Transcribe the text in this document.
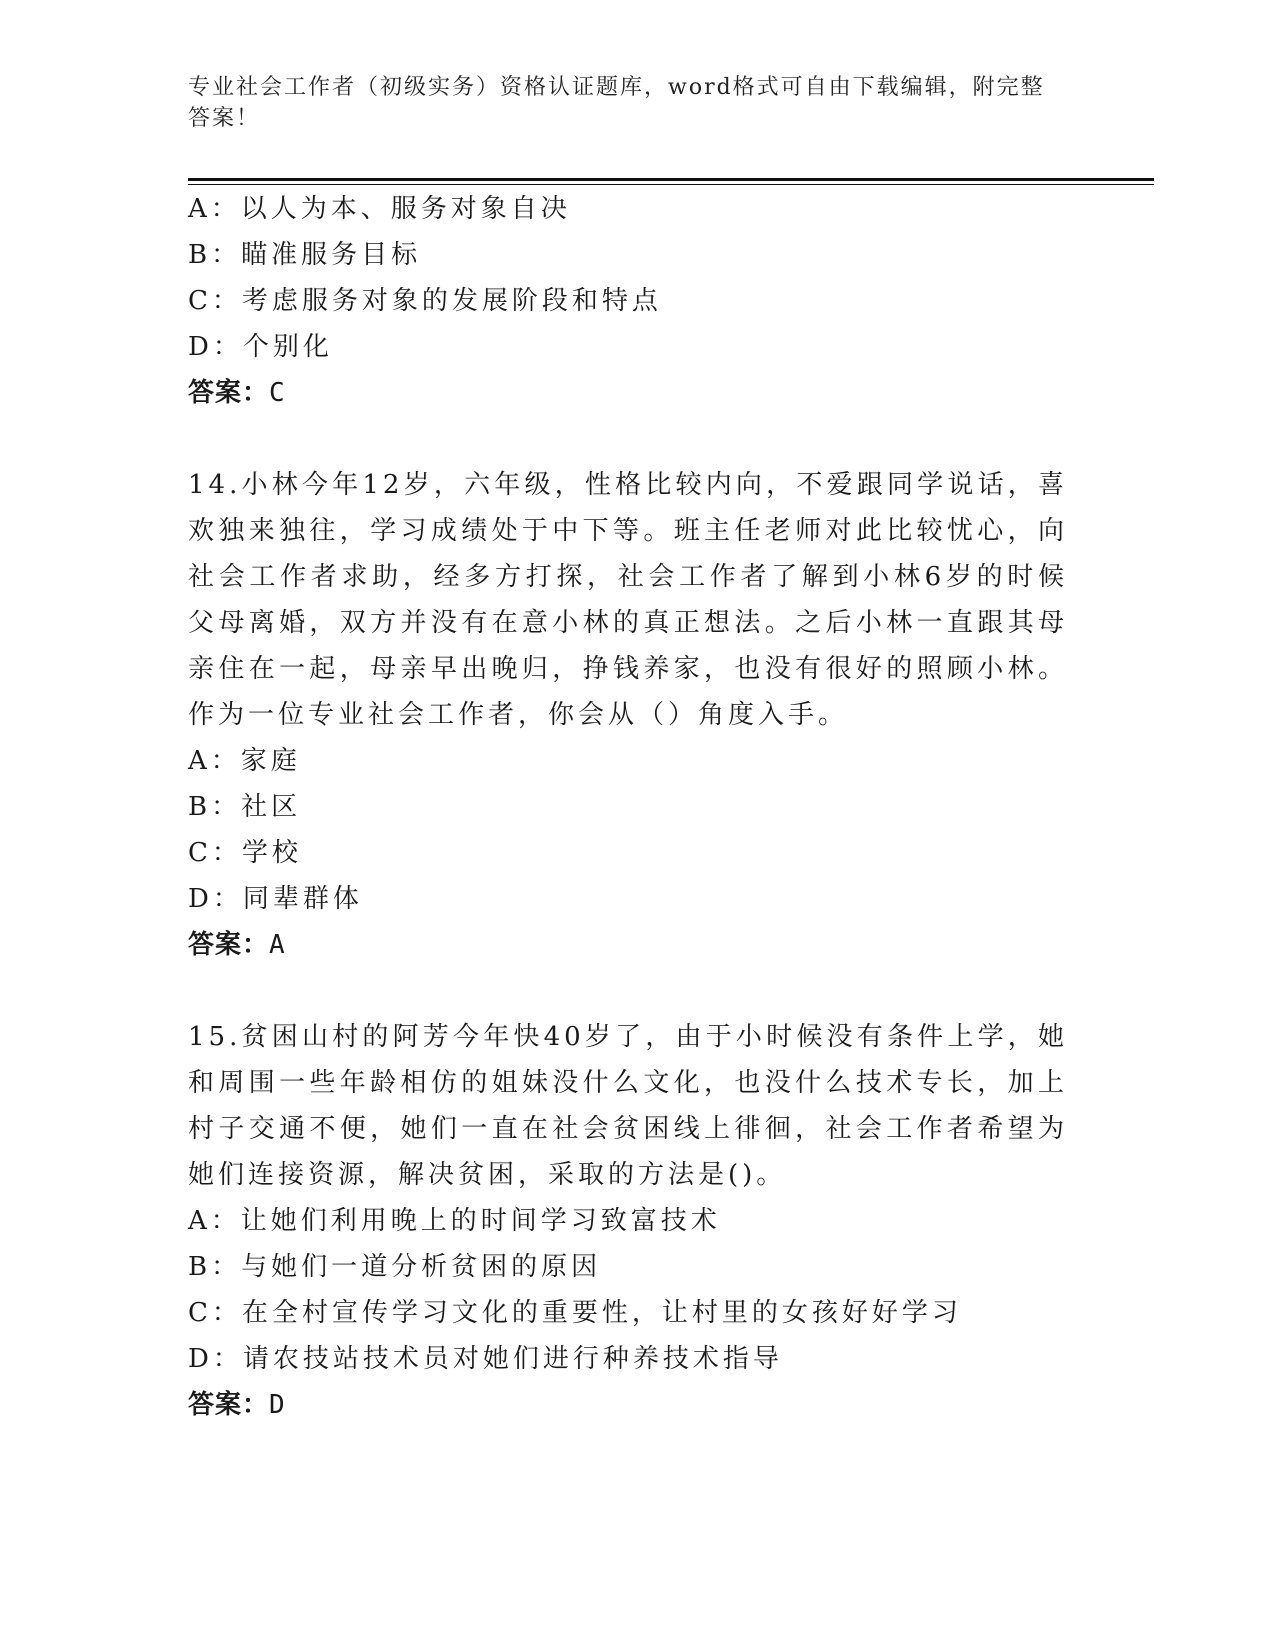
专业社会工作者（初级实务）资格认证题库，word格式可自由下载编辑，附完整答案！
A：以人为本、服务对象自决
B：瞄准服务目标
C：考虑服务对象的发展阶段和特点
D：个别化
答案：C
14.小林今年12岁，六年级，性格比较内向，不爱跟同学说话，喜欢独来独往，学习成绩处于中下等。班主任老师对此比较忧心，向社会工作者求助，经多方打探，社会工作者了解到小林6岁的时候父母离婚，双方并没有在意小林的真正想法。之后小林一直跟其母亲住在一起，母亲早出晚归，挣钱养家，也没有很好的照顾小林。作为一位专业社会工作者，你会从（）角度入手。
A：家庭
B：社区
C：学校
D：同辈群体
答案：A
15.贫困山村的阿芳今年快40岁了，由于小时候没有条件上学，她和周围一些年龄相仿的姐妹没什么文化，也没什么技术专长，加上村子交通不便，她们一直在社会贫困线上徘徊，社会工作者希望为她们连接资源，解决贫困，采取的方法是()。
A：让她们利用晚上的时间学习致富技术
B：与她们一道分析贫困的原因
C：在全村宣传学习文化的重要性，让村里的女孩好好学习
D：请农技站技术员对她们进行种养技术指导
答案：D
